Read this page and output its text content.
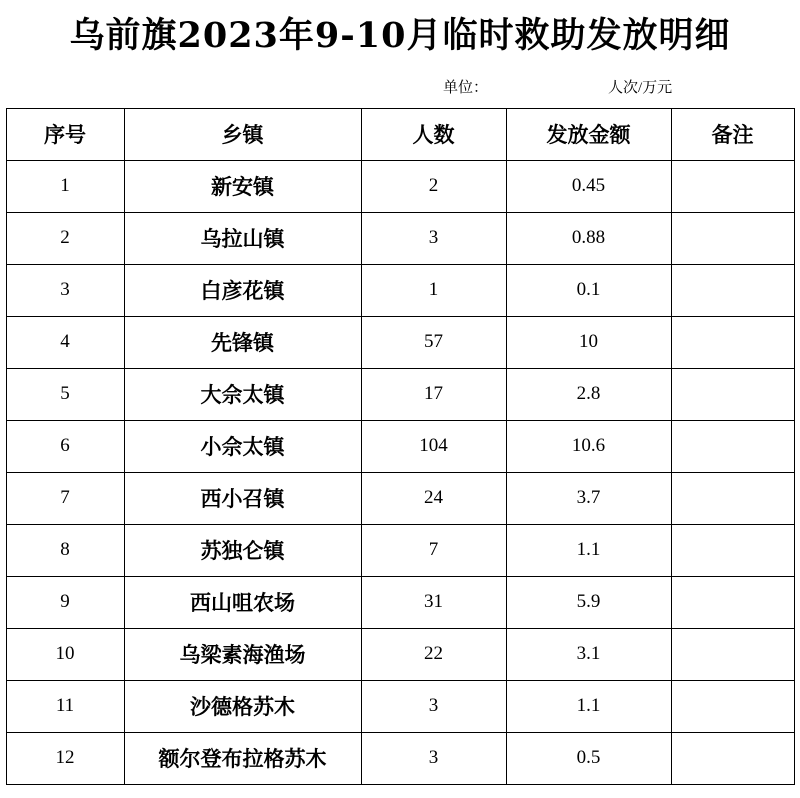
乌前旗2023年9-10月临时救助发放明细
单位：	人次/万元
序号	乡镇	人数	发放金额	备注
1	新安镇	2	0.45	
2	乌拉山镇	3	0.88	
3	白彦花镇	1	0.1	
4	先锋镇	57	10	
5	大佘太镇	17	2.8	
6	小佘太镇	104	10.6	
7	西小召镇	24	3.7	
8	苏独仑镇	7	1.1	
9	西山咀农场	31	5.9	
10	乌梁素海渔场	22	3.1	
11	沙德格苏木	3	1.1	
12	额尔登布拉格苏木	3	0.5	
